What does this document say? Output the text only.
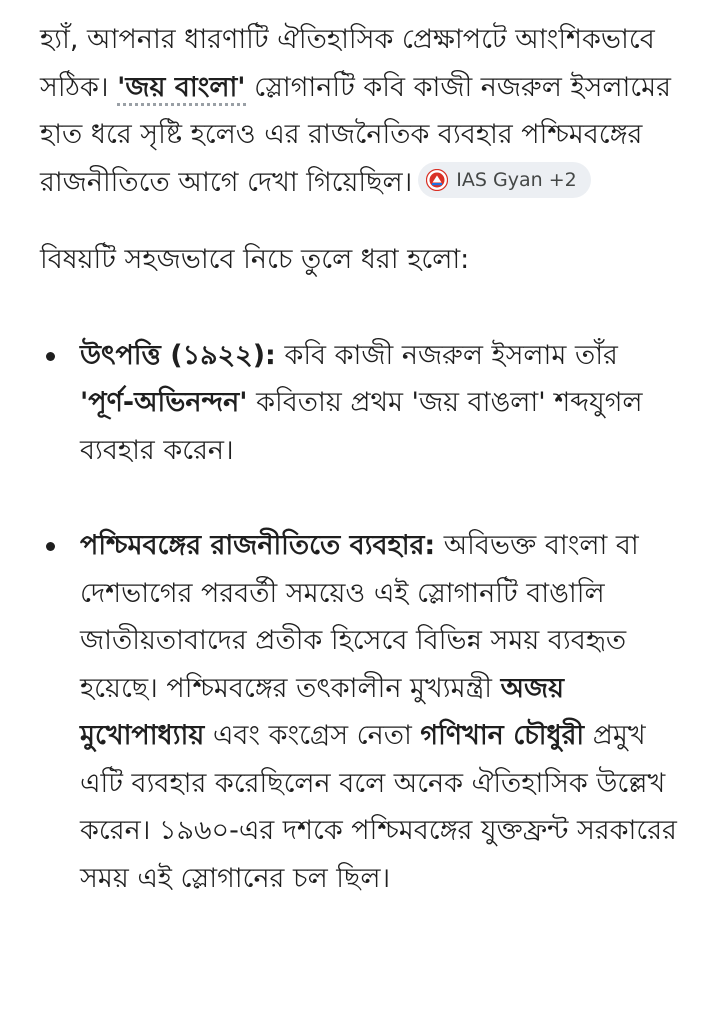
হ্যাঁ, আপনার ধারণাটি ঐতিহাসিক প্রেক্ষাপটে আংশিকভাবে সঠিক। 'জয় বাংলা' স্লোগানটি কবি কাজী নজরুল ইসলামের হাত ধরে সৃষ্টি হলেও এর রাজনৈতিক ব্যবহার পশ্চিমবঙ্গের রাজনীতিতে আগে দেখা গিয়েছিল। IAS Gyan +2

বিষয়টি সহজভাবে নিচে তুলে ধরা হলো:

উৎপত্তি (১৯২২): কবি কাজী নজরুল ইসলাম তাঁর 'পূর্ণ-অভিনন্দন' কবিতায় প্রথম 'জয় বাঙলা' শব্দযুগল ব্যবহার করেন।
পশ্চিমবঙ্গের রাজনীতিতে ব্যবহার: অবিভক্ত বাংলা বা দেশভাগের পরবর্তী সময়েও এই স্লোগানটি বাঙালি জাতীয়তাবাদের প্রতীক হিসেবে বিভিন্ন সময় ব্যবহৃত হয়েছে। পশ্চিমবঙ্গের তৎকালীন মুখ্যমন্ত্রী অজয় মুখোপাধ্যায় এবং কংগ্রেস নেতা গণিখান চৌধুরী প্রমুখ এটি ব্যবহার করেছিলেন বলে অনেক ঐতিহাসিক উল্লেখ করেন। ১৯৬০-এর দশকে পশ্চিমবঙ্গের যুক্তফ্রন্ট সরকারের সময় এই স্লোগানের চল ছিল।
